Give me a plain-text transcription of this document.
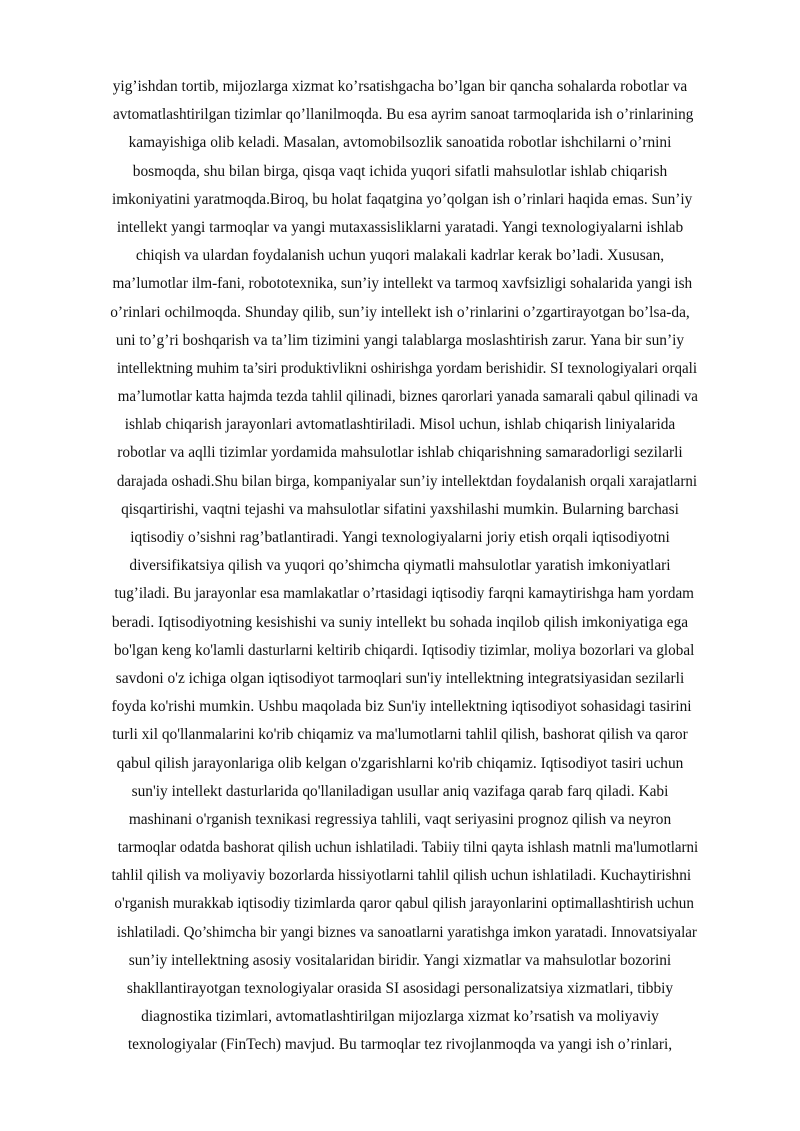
yig’ishdan tortib, mijozlarga xizmat ko’rsatishgacha bo’lgan bir qancha sohalarda robotlar va
avtomatlashtirilgan tizimlar qo’llanilmoqda. Bu esa ayrim sanoat tarmoqlarida ish o’rinlarining
kamayishiga olib keladi. Masalan, avtomobilsozlik sanoatida robotlar ishchilarni o’rnini
bosmoqda, shu bilan birga, qisqa vaqt ichida yuqori sifatli mahsulotlar ishlab chiqarish
imkoniyatini yaratmoqda.Biroq, bu holat faqatgina yo’qolgan ish o’rinlari haqida emas. Sun’iy
intellekt yangi tarmoqlar va yangi mutaxassisliklarni yaratadi. Yangi texnologiyalarni ishlab
chiqish va ulardan foydalanish uchun yuqori malakali kadrlar kerak bo’ladi. Xususan,
ma’lumotlar ilm-fani, robototexnika, sun’iy intellekt va tarmoq xavfsizligi sohalarida yangi ish
o’rinlari ochilmoqda. Shunday qilib, sun’iy intellekt ish o’rinlarini o’zgartirayotgan bo’lsa-da,
uni to’g’ri boshqarish va ta’lim tizimini yangi talablarga moslashtirish zarur. Yana bir sun’iy
intellektning muhim ta’siri produktivlikni oshirishga yordam berishidir. SI texnologiyalari orqali
ma’lumotlar katta hajmda tezda tahlil qilinadi, biznes qarorlari yanada samarali qabul qilinadi va
ishlab chiqarish jarayonlari avtomatlashtiriladi. Misol uchun, ishlab chiqarish liniyalarida
robotlar va aqlli tizimlar yordamida mahsulotlar ishlab chiqarishning samaradorligi sezilarli
darajada oshadi.Shu bilan birga, kompaniyalar sun’iy intellektdan foydalanish orqali xarajatlarni
qisqartirishi, vaqtni tejashi va mahsulotlar sifatini yaxshilashi mumkin. Bularning barchasi
iqtisodiy o’sishni rag’batlantiradi. Yangi texnologiyalarni joriy etish orqali iqtisodiyotni
diversifikatsiya qilish va yuqori qo’shimcha qiymatli mahsulotlar yaratish imkoniyatlari
tug’iladi. Bu jarayonlar esa mamlakatlar o’rtasidagi iqtisodiy farqni kamaytirishga ham yordam
beradi. Iqtisodiyotning kesishishi va suniy intellekt bu sohada inqilob qilish imkoniyatiga ega
bo'lgan keng ko'lamli dasturlarni keltirib chiqardi. Iqtisodiy tizimlar, moliya bozorlari va global
savdoni o'z ichiga olgan iqtisodiyot tarmoqlari sun'iy intellektning integratsiyasidan sezilarli
foyda ko'rishi mumkin. Ushbu maqolada biz Sun'iy intellektning iqtisodiyot sohasidagi tasirini
turli xil qo'llanmalarini ko'rib chiqamiz va ma'lumotlarni tahlil qilish, bashorat qilish va qaror
qabul qilish jarayonlariga olib kelgan o'zgarishlarni ko'rib chiqamiz. Iqtisodiyot tasiri uchun
sun'iy intellekt dasturlarida qo'llaniladigan usullar aniq vazifaga qarab farq qiladi. Kabi
mashinani o'rganish texnikasi regressiya tahlili, vaqt seriyasini prognoz qilish va neyron
tarmoqlar odatda bashorat qilish uchun ishlatiladi. Tabiiy tilni qayta ishlash matnli ma'lumotlarni
tahlil qilish va moliyaviy bozorlarda hissiyotlarni tahlil qilish uchun ishlatiladi. Kuchaytirishni
o'rganish murakkab iqtisodiy tizimlarda qaror qabul qilish jarayonlarini optimallashtirish uchun
ishlatiladi. Qo’shimcha bir yangi biznes va sanoatlarni yaratishga imkon yaratadi. Innovatsiyalar
sun’iy intellektning asosiy vositalaridan biridir. Yangi xizmatlar va mahsulotlar bozorini
shakllantirayotgan texnologiyalar orasida SI asosidagi personalizatsiya xizmatlari, tibbiy
diagnostika tizimlari, avtomatlashtirilgan mijozlarga xizmat ko’rsatish va moliyaviy
texnologiyalar (FinTech) mavjud. Bu tarmoqlar tez rivojlanmoqda va yangi ish o’rinlari,
